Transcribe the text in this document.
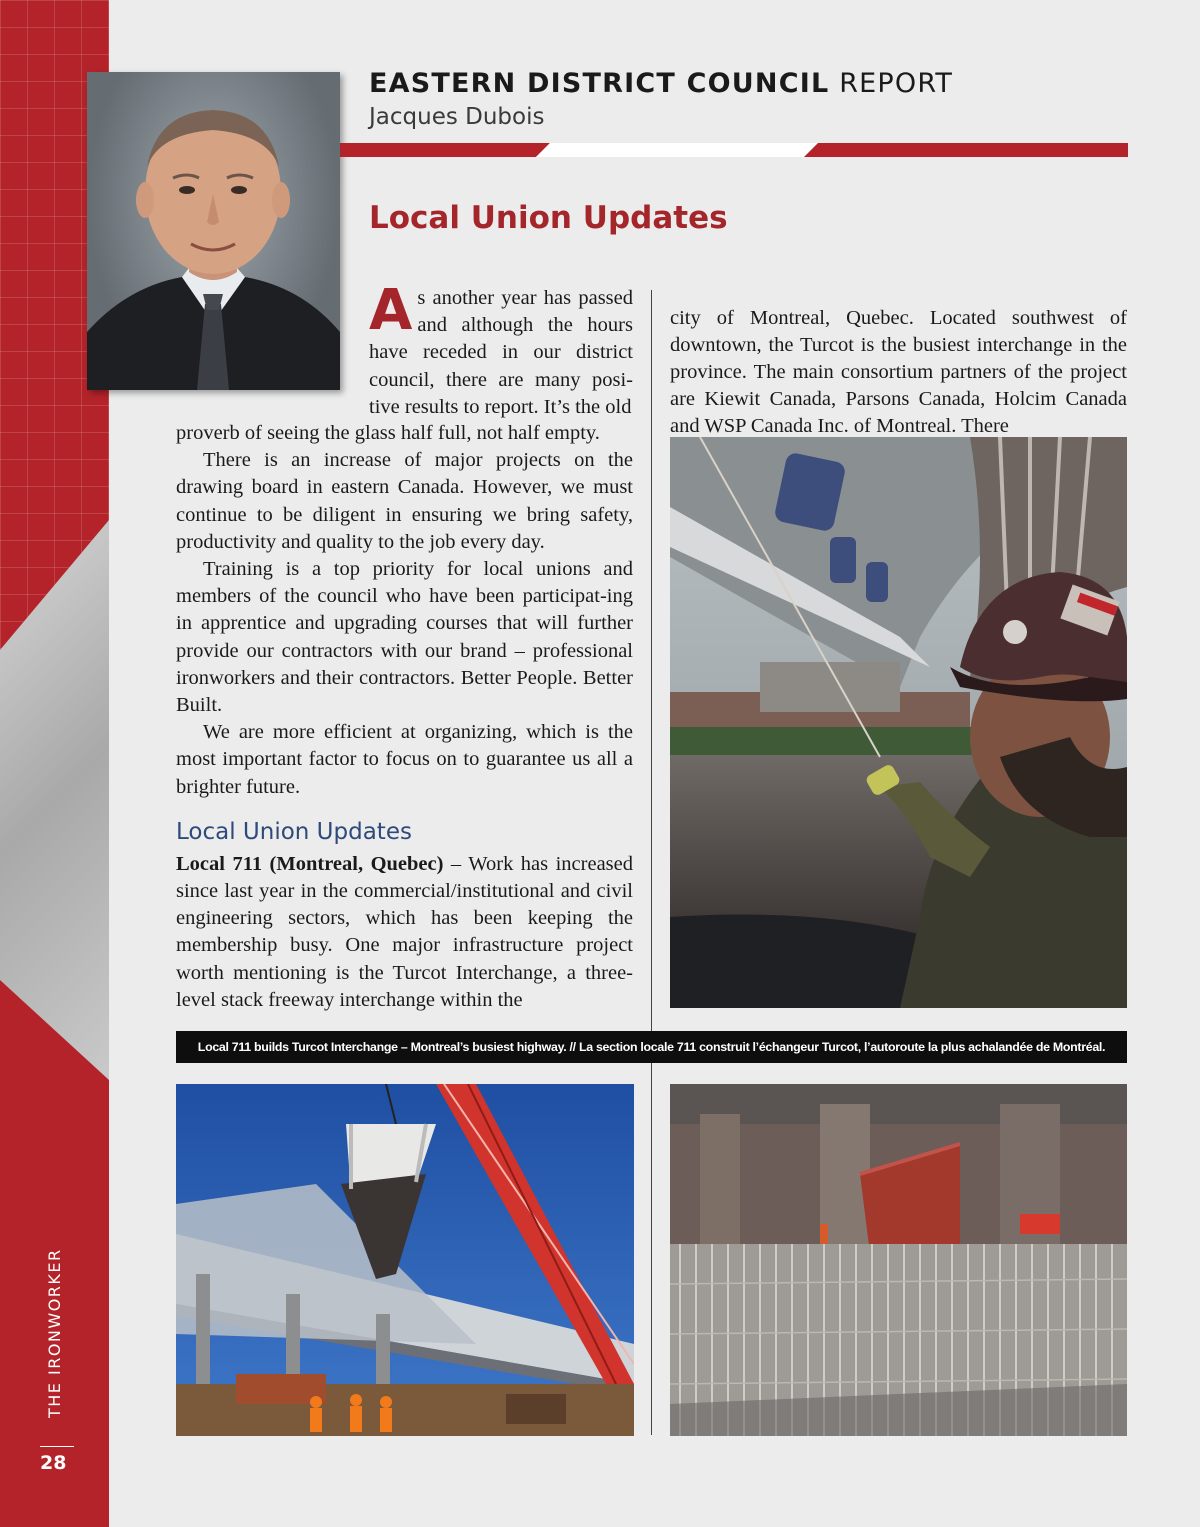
THE IRONWORKER
28
EASTERN DISTRICT COUNCIL REPORT
Jacques Dubois
Local Union Updates
As another year has passed and although the hours have receded in our district council, there are many posi-tive results to report. It’s the old

proverb of seeing the glass half full, not half empty.

There is an increase of major projects on the drawing board in eastern Canada. However, we must continue to be diligent in ensuring we bring safety, productivity and quality to the job every day.

Training is a top priority for local unions and members of the council who have been participat-ing in apprentice and upgrading courses that will further provide our contractors with our brand – professional ironworkers and their contractors. Better People. Better Built.

We are more efficient at organizing, which is the most important factor to focus on to guarantee us all a brighter future.

Local Union Updates

Local 711 (Montreal, Quebec) – Work has increased since last year in the commercial/institutional and civil engineering sectors, which has been keeping the membership busy. One major infrastructure project worth mentioning is the Turcot Interchange, a three-level stack freeway interchange within the

city of Montreal, Quebec. Located southwest of downtown, the Turcot is the busiest interchange in the province. The main consortium partners of the project are Kiewit Canada, Parsons Canada, Holcim Canada and WSP Canada Inc. of Montreal. There

Local 711 builds Turcot Interchange – Montreal’s busiest highway. // La section locale 711 construit l’échangeur Turcot, l’autoroute la plus achalandée de Montréal.
